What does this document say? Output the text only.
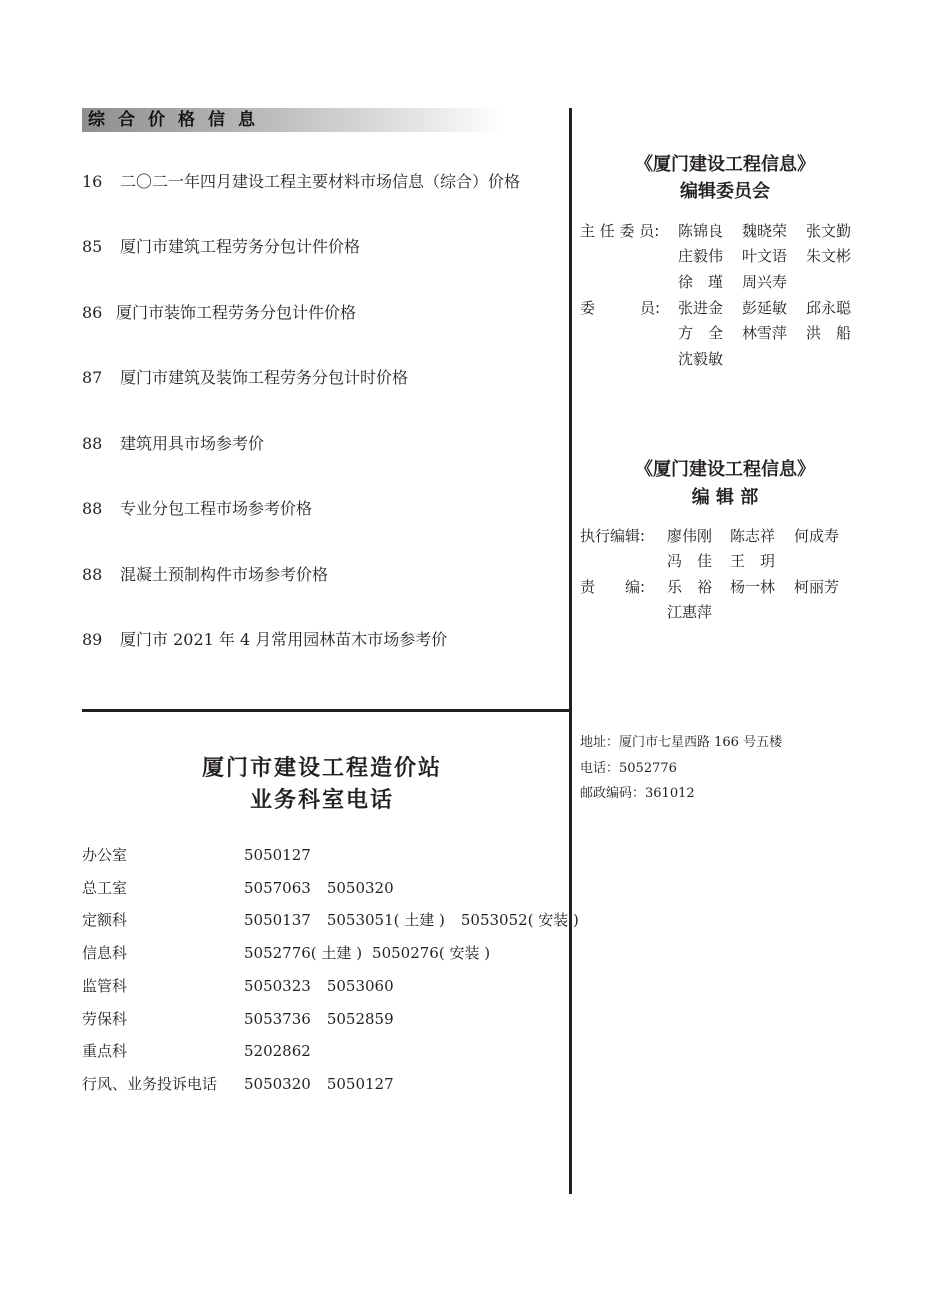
综合价格信息
16 二〇二一年四月建设工程主要材料市场信息（综合）价格
85 厦门市建筑工程劳务分包计件价格
86 厦门市装饰工程劳务分包计件价格
87 厦门市建筑及装饰工程劳务分包计时价格
88 建筑用具市场参考价
88 专业分包工程市场参考价格
88 混凝土预制构件市场参考价格
89 厦门市 2021 年 4 月常用园林苗木市场参考价
厦门市建设工程造价站
业务科室电话
办公室	5050127
总工室	5057063 5050320
定额科	5050137 5053051( 土建 ) 5053052( 安装 )
信息科	5052776( 土建 ) 5050276( 安装 )
监管科	5050323 5053060
劳保科	5053736 5052859
重点科	5202862
行风、业务投诉电话 5050320 5050127
《厦门建设工程信息》
编辑委员会
主 任 委 员: 陈锦良 魏晓荣 张文勤
庄毅伟 叶文语 朱文彬
徐　瑾 周兴寿
委　　　员: 张进金 彭延敏 邱永聪
方　全 林雪萍 洪　船
沈毅敏
《厦门建设工程信息》
编 辑 部
执行编辑: 廖伟刚 陈志祥 何成寿
冯　佳 王　玥
责　　编: 乐　裕 杨一林 柯丽芳
江惠萍
地址：厦门市七星西路 166 号五楼
电话：5052776
邮政编码：361012
